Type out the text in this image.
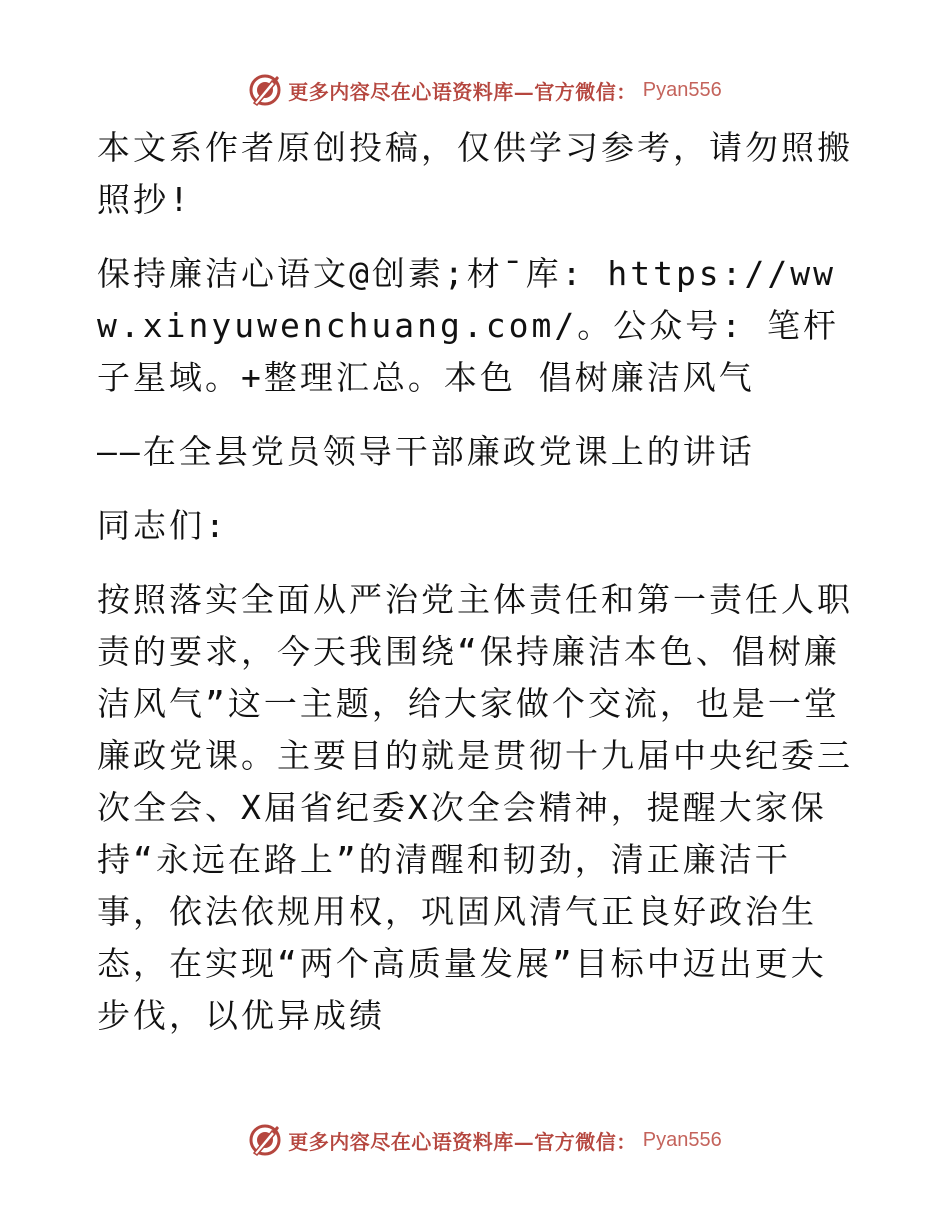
更多内容尽在心语资料库—官方微信： Pyan556

本文系作者原创投稿，仅供学习参考，请勿照搬照抄!

保持廉洁心语文@创素;材¯库: https://www.xinyuwenchuang.com/。公众号: 笔杆子星域。+整理汇总。本色 倡树廉洁风气

——在全县党员领导干部廉政党课上的讲话

同志们:

按照落实全面从严治党主体责任和第一责任人职责的要求，今天我围绕“保持廉洁本色、倡树廉洁风气”这一主题，给大家做个交流，也是一堂廉政党课。主要目的就是贯彻十九届中央纪委三次全会、X届省纪委X次全会精神，提醒大家保持“永远在路上”的清醒和韧劲，清正廉洁干事，依法依规用权，巩固风清气正良好政治生态，在实现“两个高质量发展”目标中迈出更大步伐，以优异成绩

更多内容尽在心语资料库—官方微信： Pyan556
